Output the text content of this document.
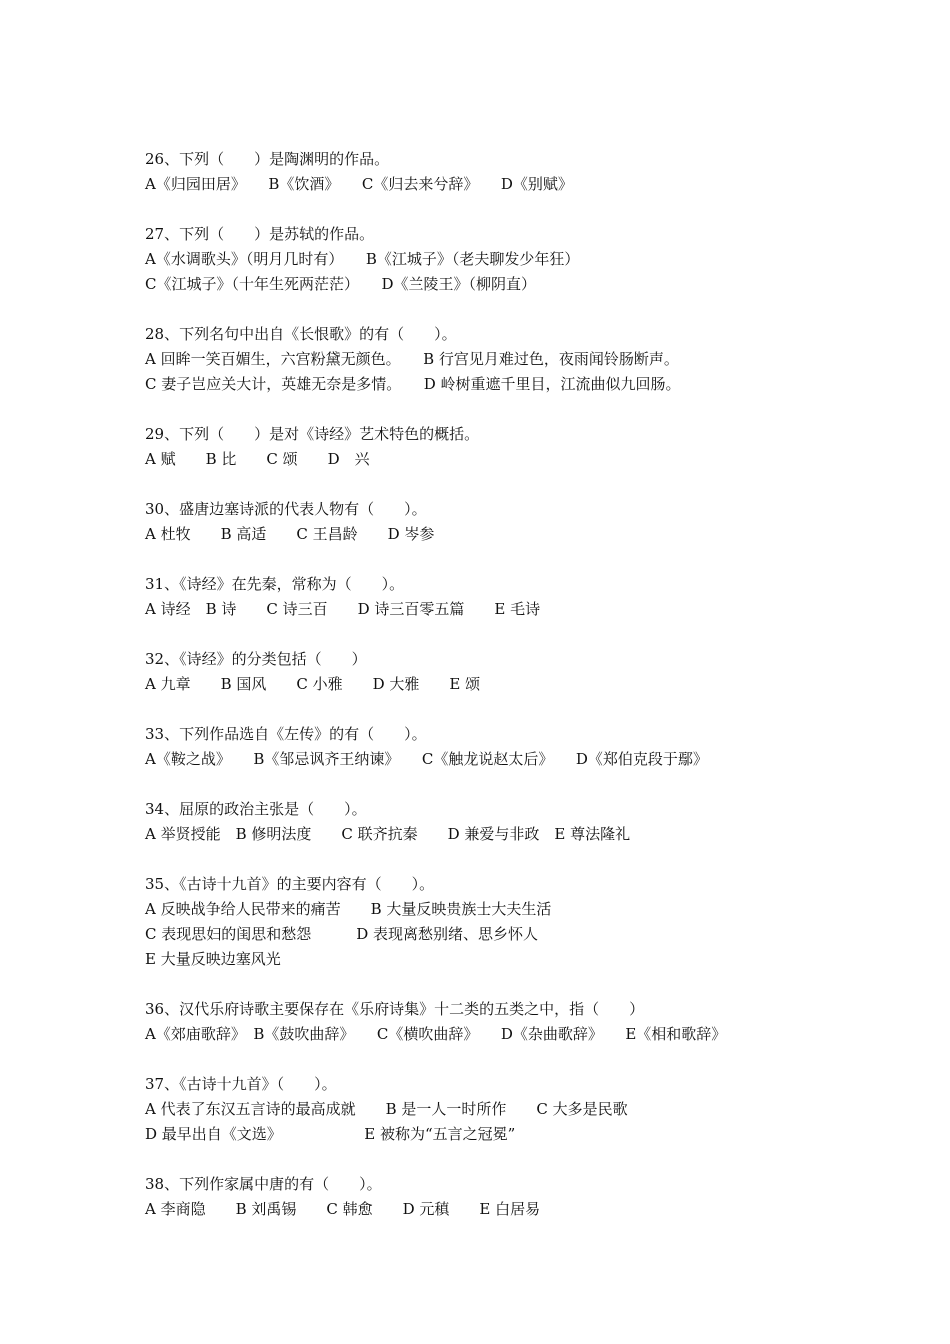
26、下列（　　）是陶渊明的作品。
A《归园田居》　　B《饮酒》　　C《归去来兮辞》　　D《别赋》
27、下列（　　）是苏轼的作品。
A《水调歌头》（明月几时有）　　B《江城子》（老夫聊发少年狂）
C《江城子》（十年生死两茫茫）　　D《兰陵王》（柳阴直）
28、下列名句中出自《长恨歌》的有（　　）。
A 回眸一笑百媚生，六宫粉黛无颜色。　　B 行宫见月难过色，夜雨闻铃肠断声。
C 妻子岂应关大计，英雄无奈是多情。　　D 岭树重遮千里目，江流曲似九回肠。
29、下列（　　）是对《诗经》艺术特色的概括。
A 赋　　B 比　　C 颂　　D　兴
30、盛唐边塞诗派的代表人物有（　　）。
A 杜牧　　B 高适　　C 王昌龄　　D 岑参
31、《诗经》在先秦，常称为（　　）。
A 诗经　B 诗　　C 诗三百　　D 诗三百零五篇　　E 毛诗
32、《诗经》的分类包括（　　）
A 九章　　B 国风　　C 小雅　　D 大雅　　E 颂
33、下列作品选自《左传》的有（　　）。
A《鞍之战》　　B《邹忌讽齐王纳谏》　　C《触龙说赵太后》　　D《郑伯克段于鄢》
34、屈原的政治主张是（　　）。
A 举贤授能　B 修明法度　　C 联齐抗秦　　D 兼爱与非政　E 尊法隆礼
35、《古诗十九首》的主要内容有（　　）。
A 反映战争给人民带来的痛苦　　B 大量反映贵族士大夫生活
C 表现思妇的闺思和愁怨　　　D 表现离愁别绪、思乡怀人
E 大量反映边塞风光
36、汉代乐府诗歌主要保存在《乐府诗集》十二类的五类之中，指（　　）
A《郊庙歌辞》　B《鼓吹曲辞》　　C《横吹曲辞》　　D《杂曲歌辞》　　E《相和歌辞》
37、《古诗十九首》（　　）。
A 代表了东汉五言诗的最高成就　　B 是一人一时所作　　C 大多是民歌
D 最早出自《文选》　　　　　　E 被称为“五言之冠冕”
38、下列作家属中唐的有（　　）。
A 李商隐　　B 刘禹锡　　C 韩愈　　D 元稹　　E 白居易
